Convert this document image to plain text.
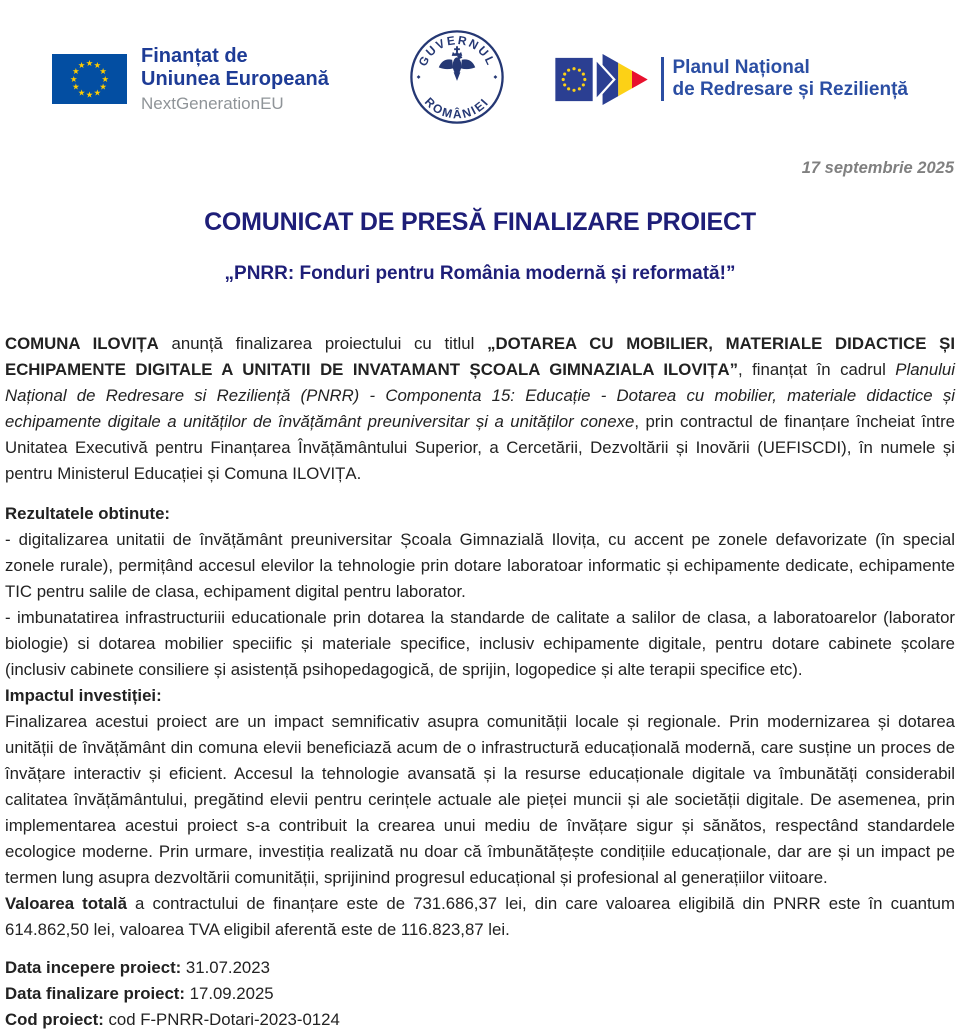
★ ★
★
★
★
★
★
★
★
★
★
★	Finanțat de
Uniunea Europeană
NextGenerationEU
GUVERNUL
ROMÂNIEI
Planul Național
de Redresare și Reziliență
17 septembrie 2025
COMUNICAT DE PRESĂ FINALIZARE PROIECT
„PNRR: Fonduri pentru România modernă și reformată!”

COMUNA ILOVIȚA anunță finalizarea proiectului cu titlul „DOTAREA CU MOBILIER, MATERIALE DIDACTICE ȘI ECHIPAMENTE DIGITALE A UNITATII DE INVATAMANT ȘCOALA GIMNAZIALA ILOVIȚA”, finanțat în cadrul Planului Național de Redresare si Reziliență (PNRR) - Componenta 15: Educație - Dotarea cu mobilier, materiale didactice și echipamente digitale a unităților de învățământ preuniversitar și a unităților conexe, prin contractul de finanțare încheiat între Unitatea Executivă pentru Finanțarea Învățământului Superior, a Cercetării, Dezvoltării și Inovării (UEFISCDI), în numele și pentru Ministerul Educației și Comuna ILOVIȚA.

Rezultatele obtinute:

- digitalizarea unitatii de învățământ preuniversitar Școala Gimnazială Ilovița, cu accent pe zonele defavorizate (în special zonele rurale), permițând accesul elevilor la tehnologie prin dotare laboratoar informatic și echipamente dedicate, echipamente TIC pentru salile de clasa, echipament digital pentru laborator.

- imbunatatirea infrastructuriii educationale prin dotarea la standarde de calitate a salilor de clasa, a laboratoarelor (laborator biologie) si dotarea mobilier speciific și materiale specifice, inclusiv echipamente digitale, pentru dotare cabinete școlare (inclusiv cabinete consiliere și asistență psihopedagogică, de sprijin, logopedice și alte terapii specifice etc).

Impactul investiției:

Finalizarea acestui proiect are un impact semnificativ asupra comunității locale și regionale. Prin modernizarea și dotarea unității de învățământ din comuna elevii beneficiază acum de o infrastructură educațională modernă, care susține un proces de învățare interactiv și eficient. Accesul la tehnologie avansată și la resurse educaționale digitale va îmbunătăți considerabil calitatea învățământului, pregătind elevii pentru cerințele actuale ale pieței muncii și ale societății digitale. De asemenea, prin implementarea acestui proiect s-a contribuit la crearea unui mediu de învățare sigur și sănătos, respectând standardele ecologice moderne. Prin urmare, investiția realizată nu doar că îmbunătățește condițiile educaționale, dar are și un impact pe termen lung asupra dezvoltării comunității, sprijinind progresul educațional și profesional al generațiilor viitoare.

Valoarea totală a contractului de finanțare este de 731.686,37 lei, din care valoarea eligibilă din PNRR este în cuantum 614.862,50 lei, valoarea TVA eligibil aferentă este de 116.823,87 lei.

Data incepere proiect: 31.07.2023

Data finalizare proiect: 17.09.2025

Cod proiect: cod F-PNRR-Dotari-2023-0124
